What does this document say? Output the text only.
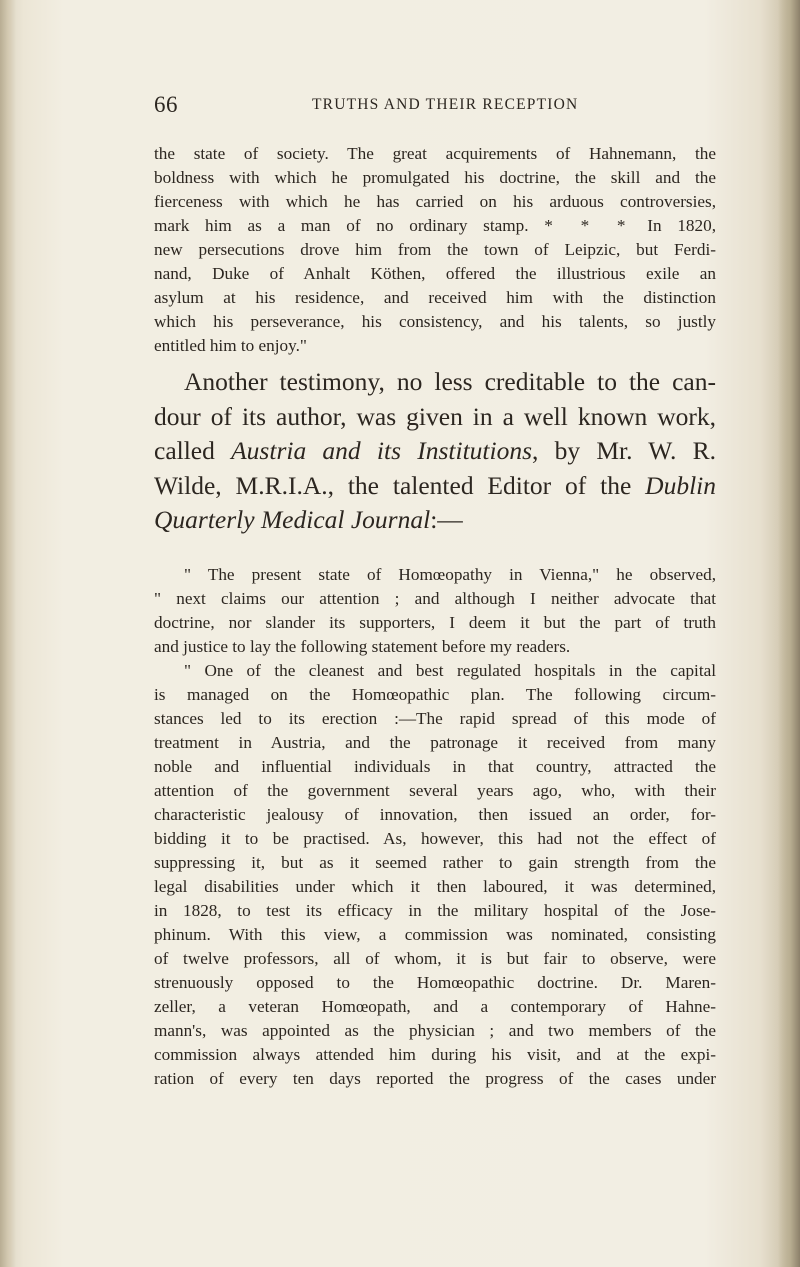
66	TRUTHS AND THEIR RECEPTION
the state of society. The great acquirements of Hahnemann, the
boldness with which he promulgated his doctrine, the skill and the
fierceness with which he has carried on his arduous controversies,
mark him as a man of no ordinary stamp. * * * In 1820,
new persecutions drove him from the town of Leipzic, but Ferdi-
nand, Duke of Anhalt Köthen, offered the illustrious exile an
asylum at his residence, and received him with the distinction
which his perseverance, his consistency, and his talents, so justly
entitled him to enjoy."
Another testimony, no less creditable to the can-
dour of its author, was given in a well known work,
called Austria and its Institutions, by Mr. W. R.
Wilde, M.R.I.A., the talented Editor of the Dublin
Quarterly Medical Journal:—
" The present state of Homœopathy in Vienna," he observed,
" next claims our attention ; and although I neither advocate that
doctrine, nor slander its supporters, I deem it but the part of truth
and justice to lay the following statement before my readers.
" One of the cleanest and best regulated hospitals in the capital
is managed on the Homœopathic plan. The following circum-
stances led to its erection :—The rapid spread of this mode of
treatment in Austria, and the patronage it received from many
noble and influential individuals in that country, attracted the
attention of the government several years ago, who, with their
characteristic jealousy of innovation, then issued an order, for-
bidding it to be practised. As, however, this had not the effect of
suppressing it, but as it seemed rather to gain strength from the
legal disabilities under which it then laboured, it was determined,
in 1828, to test its efficacy in the military hospital of the Jose-
phinum. With this view, a commission was nominated, consisting
of twelve professors, all of whom, it is but fair to observe, were
strenuously opposed to the Homœopathic doctrine. Dr. Maren-
zeller, a veteran Homœopath, and a contemporary of Hahne-
mann's, was appointed as the physician ; and two members of the
commission always attended him during his visit, and at the expi-
ration of every ten days reported the progress of the cases under
